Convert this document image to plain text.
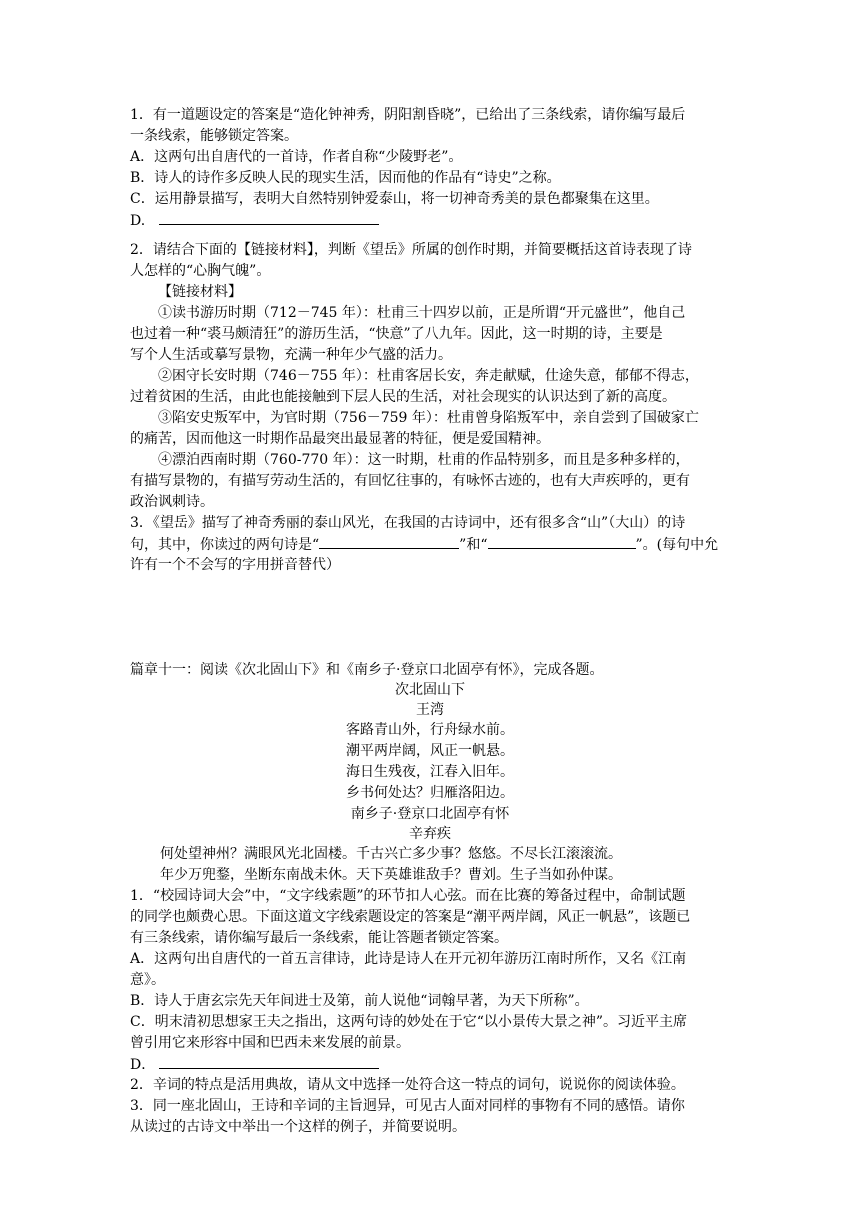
1．有一道题设定的答案是“造化钟神秀，阴阳割昏晓”，已给出了三条线索，请你编写最后
一条线索，能够锁定答案。
A．这两句出自唐代的一首诗，作者自称“少陵野老”。
B．诗人的诗作多反映人民的现实生活，因而他的作品有“诗史”之称。
C．运用静景描写，表明大自然特别钟爱泰山，将一切神奇秀美的景色都聚集在这里。
D.
2．请结合下面的【链接材料】，判断《望岳》所属的创作时期，并简要概括这首诗表现了诗
人怎样的“心胸气魄”。
【链接材料】
①读书游历时期（712－745 年）：杜甫三十四岁以前，正是所谓“开元盛世”，他自己
也过着一种“裘马颇清狂”的游历生活，“快意”了八九年。因此，这一时期的诗，主要是
写个人生活或摹写景物，充满一种年少气盛的活力。
②困守长安时期（746－755 年）：杜甫客居长安，奔走献赋，仕途失意，郁郁不得志，
过着贫困的生活，由此也能接触到下层人民的生活，对社会现实的认识达到了新的高度。
③陷安史叛军中，为官时期（756－759 年）：杜甫曾身陷叛军中，亲自尝到了国破家亡
的痛苦，因而他这一时期作品最突出最显著的特征，便是爱国精神。
④漂泊西南时期（760-770 年）：这一时期，杜甫的作品特别多，而且是多种多样的，
有描写景物的，有描写劳动生活的，有回忆往事的，有咏怀古迹的，也有大声疾呼的，更有
政治讽刺诗。
3．《望岳》描写了神奇秀丽的泰山风光，在我国的古诗词中，还有很多含“山”（大山）的诗
句，其中，你读过的两句诗是“	”和“	”。(每句中允
许有一个不会写的字用拼音替代）
篇章十一：阅读《次北固山下》和《南乡子·登京口北固亭有怀》，完成各题。
次北固山下
王湾
客路青山外，行舟绿水前。
潮平两岸阔，风正一帆悬。
海日生残夜，江春入旧年。
乡书何处达？归雁洛阳边。
南乡子·登京口北固亭有怀
辛弃疾
何处望神州？满眼风光北固楼。千古兴亡多少事？悠悠。不尽长江滚滚流。
年少万兜鍪，坐断东南战未休。天下英雄谁敌手？曹刘。生子当如孙仲谋。
1．“校园诗词大会”中，“文字线索题”的环节扣人心弦。而在比赛的筹备过程中，命制试题
的同学也颇费心思。下面这道文字线索题设定的答案是“潮平两岸阔，风正一帆悬”，该题已
有三条线索，请你编写最后一条线索，能让答题者锁定答案。
A．这两句出自唐代的一首五言律诗，此诗是诗人在开元初年游历江南时所作，又名《江南
意》。
B．诗人于唐玄宗先天年间进士及第，前人说他“词翰早著，为天下所称”。
C．明末清初思想家王夫之指出，这两句诗的妙处在于它“以小景传大景之神”。习近平主席
曾引用它来形容中国和巴西未来发展的前景。
D．
2．辛词的特点是活用典故，请从文中选择一处符合这一特点的词句，说说你的阅读体验。
3．同一座北固山，王诗和辛词的主旨迥异，可见古人面对同样的事物有不同的感悟。请你
从读过的古诗文中举出一个这样的例子，并简要说明。
